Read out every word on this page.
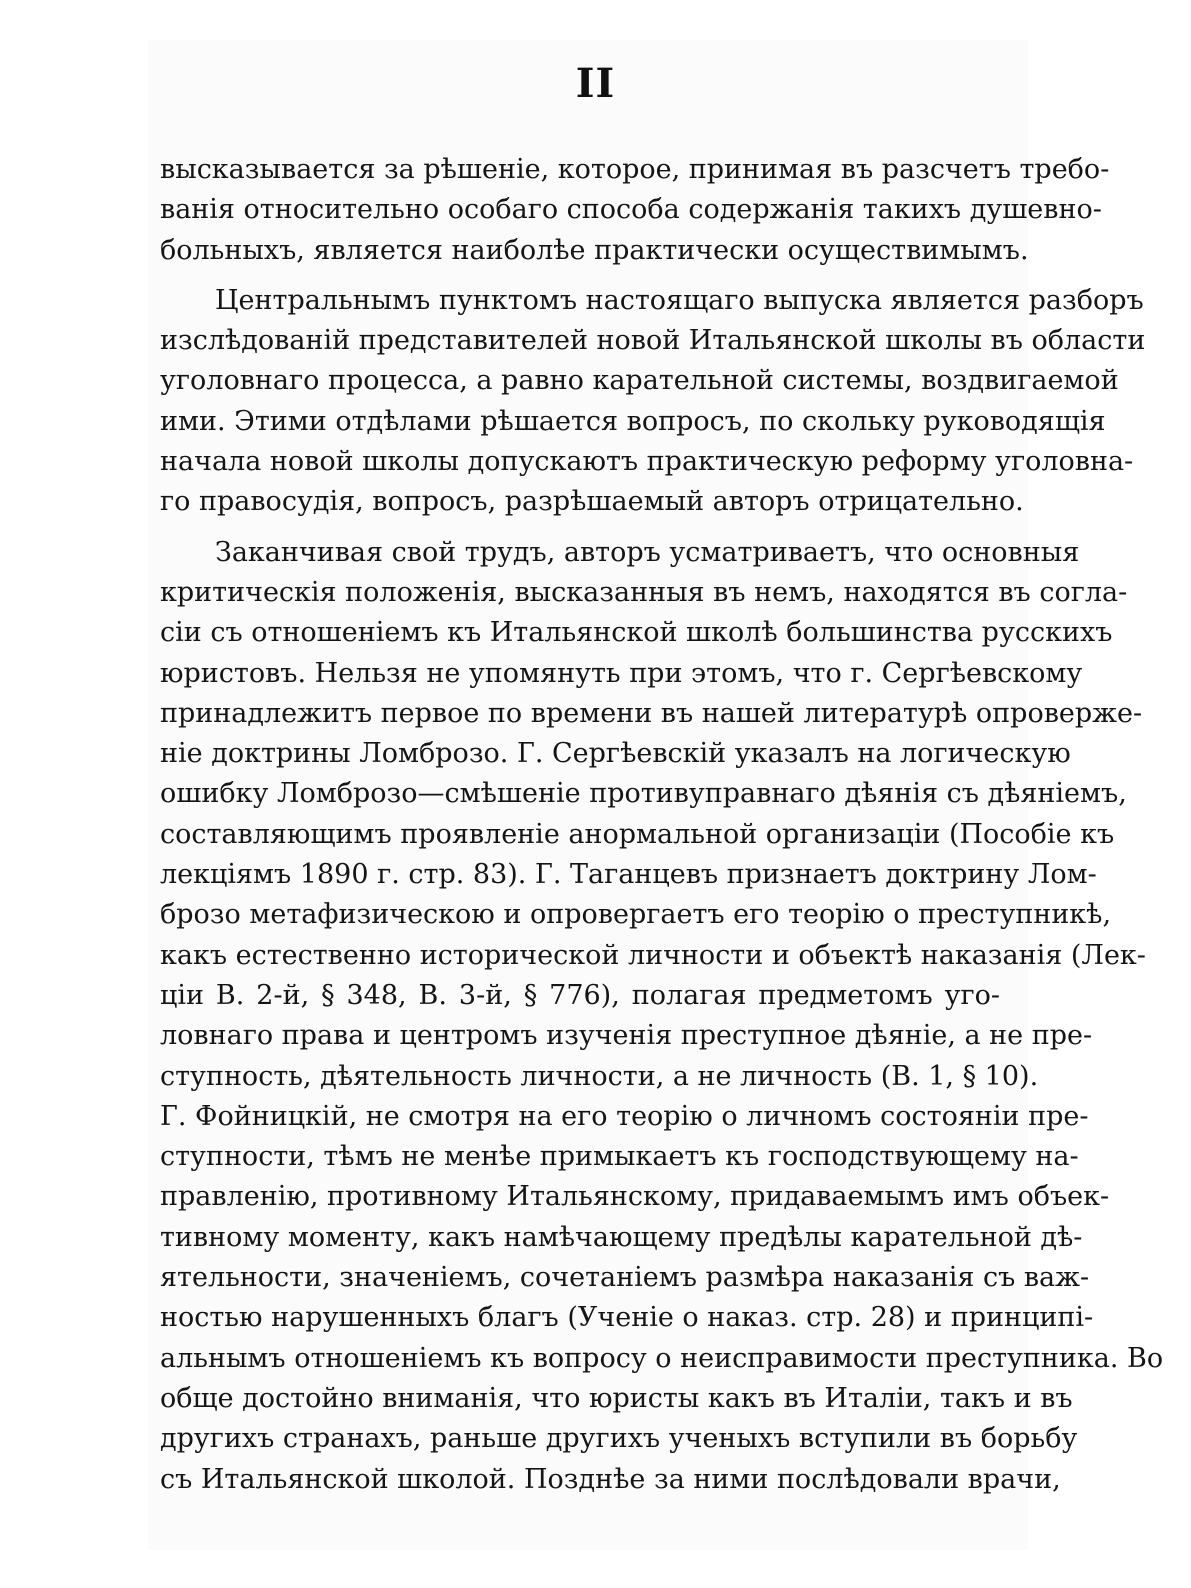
II
высказывается за рѣшеніе, которое, принимая въ разсчетъ требо-
ванія относительно особаго способа содержанія такихъ душевно-
больныхъ, является наиболѣе практически осуществимымъ.
Центральнымъ пунктомъ настоящаго выпуска является разборъ
изслѣдованій представителей новой Итальянской школы въ области
уголовнаго процесса, а равно карательной системы, воздвигаемой
ими. Этими отдѣлами рѣшается вопросъ, по скольку руководящія
начала новой школы допускаютъ практическую реформу уголовна-
го правосудія, вопросъ, разрѣшаемый авторъ отрицательно.
Заканчивая свой трудъ, авторъ усматриваетъ, что основныя
критическія положенія, высказанныя въ немъ, находятся въ согла-
сіи съ отношеніемъ къ Итальянской школѣ большинства русскихъ
юристовъ. Нельзя не упомянуть при этомъ, что г. Сергѣевскому
принадлежитъ первое по времени въ нашей литературѣ опроверже-
ніе доктрины Ломброзо. Г. Сергѣевскій указалъ на логическую
ошибку Ломброзо—смѣшеніе противуправнаго дѣянія съ дѣяніемъ,
составляющимъ проявленіе анормальной организаціи (Пособіе къ
лекціямъ 1890 г. стр. 83). Г. Таганцевъ признаетъ доктрину Лом-
брозо метафизическою и опровергаетъ его теорію о преступникѣ,
какъ естественно исторической личности и объектѣ наказанія (Лек-
ціи В. 2-й, § 348, В. 3-й, § 776), полагая предметомъ уго-
ловнаго права и центромъ изученія преступное дѣяніе, а не пре-
ступность, дѣятельность личности, а не личность (В. 1, § 10).
Г. Фойницкій, не смотря на его теорію о личномъ состояніи пре-
ступности, тѣмъ не менѣе примыкаетъ къ господствующему на-
правленію, противному Итальянскому, придаваемымъ имъ объек-
тивному моменту, какъ намѣчающему предѣлы карательной дѣ-
ятельности, значеніемъ, сочетаніемъ размѣра наказанія съ важ-
ностью нарушенныхъ благъ (Ученіе о наказ. стр. 28) и принципі-
альнымъ отношеніемъ къ вопросу о неисправимости преступника. Во
обще достойно вниманія, что юристы какъ въ Италіи, такъ и въ
другихъ странахъ, раньше другихъ ученыхъ вступили въ борьбу
съ Итальянской школой. Позднѣе за ними послѣдовали врачи,
